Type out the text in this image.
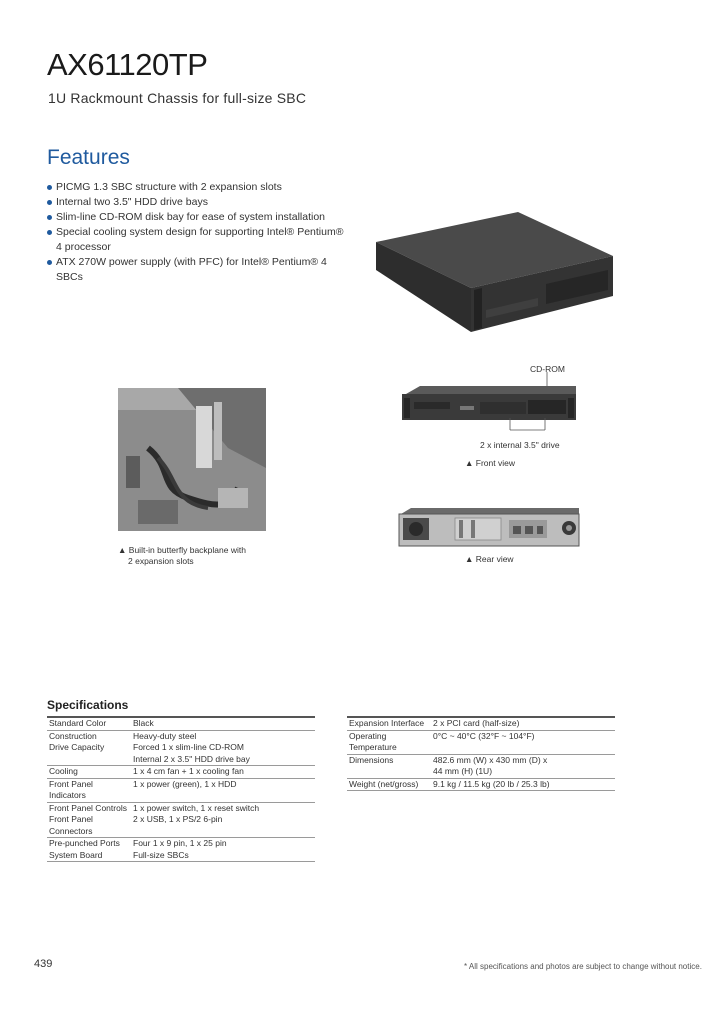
AX61120TP
1U Rackmount Chassis for full-size SBC
Features
PICMG 1.3 SBC structure with 2 expansion slots
Internal two 3.5" HDD drive bays
Slim-line CD-ROM disk bay for ease of system installation
Special cooling system design for supporting Intel® Pentium®
4 processor
ATX 270W power supply (with PFC) for Intel® Pentium® 4 SBCs
▲ Built-in butterfly backplane with
2 expansion slots
CD-ROM
2 x internal 3.5" drive
▲ Front view
▲ Rear view
Specifications
Standard Color	Black
Construction	Heavy-duty steel
Drive Capacity	Forced 1 x slim-line CD-ROM
Internal 2 x 3.5" HDD drive bay

Cooling	1 x 4 cm fan + 1 x cooling fan
Front Panel Indicators	1 x power (green), 1 x HDD
Front Panel Controls	1 x power switch, 1 x reset switch
Front Panel Connectors	2 x USB, 1 x PS/2 6-pin
Pre-punched Ports	Four 1 x 9 pin, 1 x 25 pin
System Board	Full-size SBCs
Expansion Interface	2 x PCI card (half-size)
Operating Temperature	0°C ~ 40°C (32°F ~ 104°F)
Dimensions	482.6 mm (W) x 430 mm (D) x
44 mm (H) (1U)

Weight (net/gross)	9.1 kg / 11.5 kg (20 lb / 25.3 lb)
439	* All specifications and photos are subject to change without notice.
